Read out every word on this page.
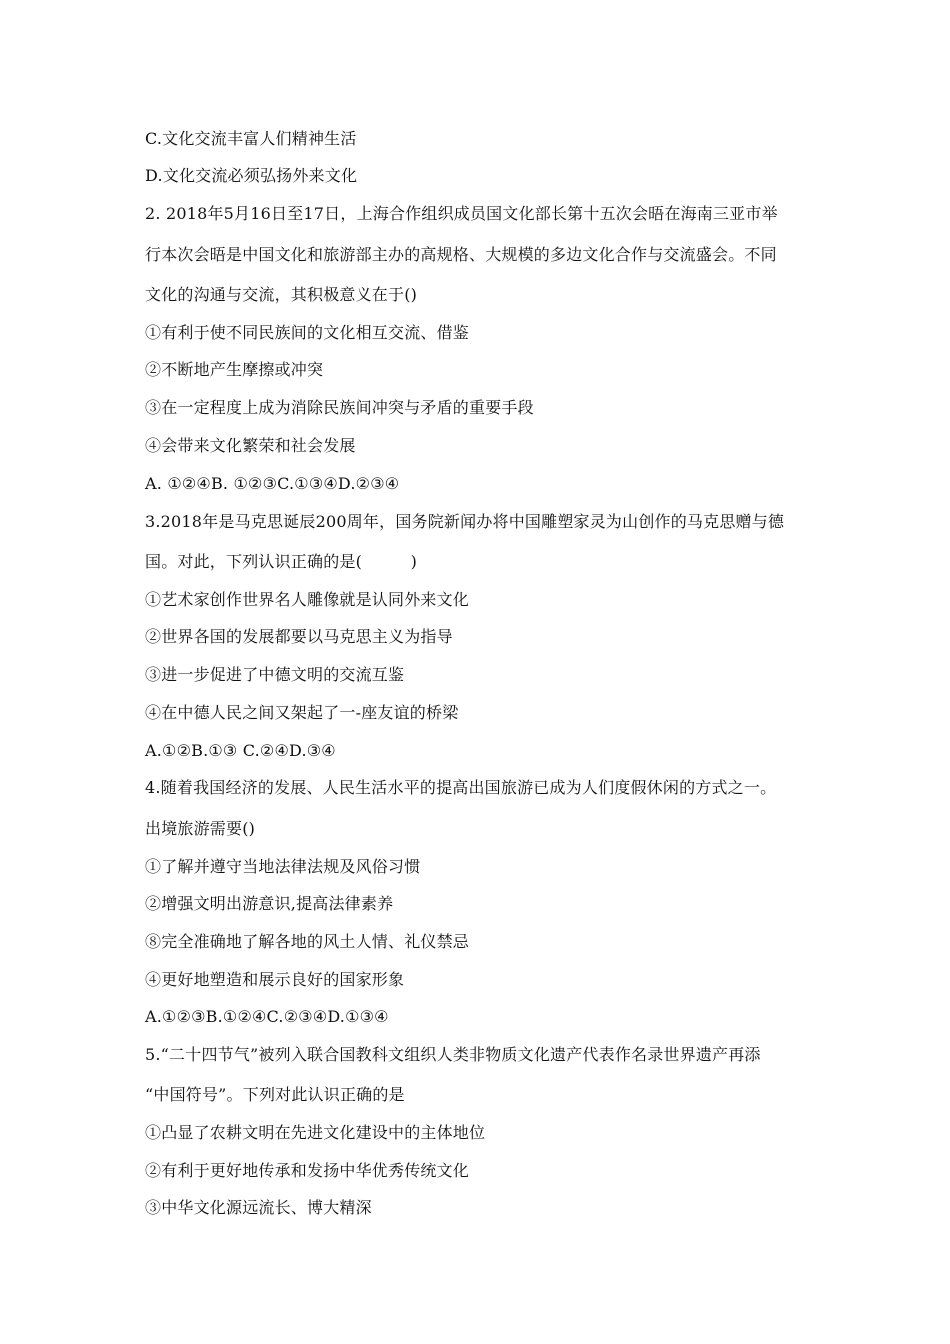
C.文化交流丰富人们精神生活
D.文化交流必须弘扬外来文化
2. 2018年5月16日至17日，上海合作组织成员国文化部长第十五次会晤在海南三亚市举
行本次会晤是中国文化和旅游部主办的高规格、大规模的多边文化合作与交流盛会。不同
文化的沟通与交流，其积极意义在于()
①有利于使不同民族间的文化相互交流、借鉴
②不断地产生摩擦或冲突
③在一定程度上成为消除民族间冲突与矛盾的重要手段
④会带来文化繁荣和社会发展
A. ①②④B. ①②③C.①③④D.②③④
3.2018年是马克思诞辰200周年，国务院新闻办将中国雕塑家灵为山创作的马克思赠与德
国。对此，下列认识正确的是(　　　)
①艺术家创作世界名人雕像就是认同外来文化
②世界各国的发展都要以马克思主义为指导
③进一步促进了中德文明的交流互鉴
④在中德人民之间又架起了一-座友谊的桥梁
A.①②B.①③ C.②④D.③④
4.随着我国经济的发展、人民生活水平的提高出国旅游已成为人们度假休闲的方式之一。
出境旅游需要()
①了解并遵守当地法律法规及风俗习惯
②增强文明出游意识,提高法律素养
⑧完全准确地了解各地的风土人情、礼仪禁忌
④更好地塑造和展示良好的国家形象
A.①②③B.①②④C.②③④D.①③④
5.“二十四节气”被列入联合国教科文组织人类非物质文化遗产代表作名录世界遗产再添
“中国符号”。下列对此认识正确的是
①凸显了农耕文明在先进文化建设中的主体地位
②有利于更好地传承和发扬中华优秀传统文化
③中华文化源远流长、博大精深
